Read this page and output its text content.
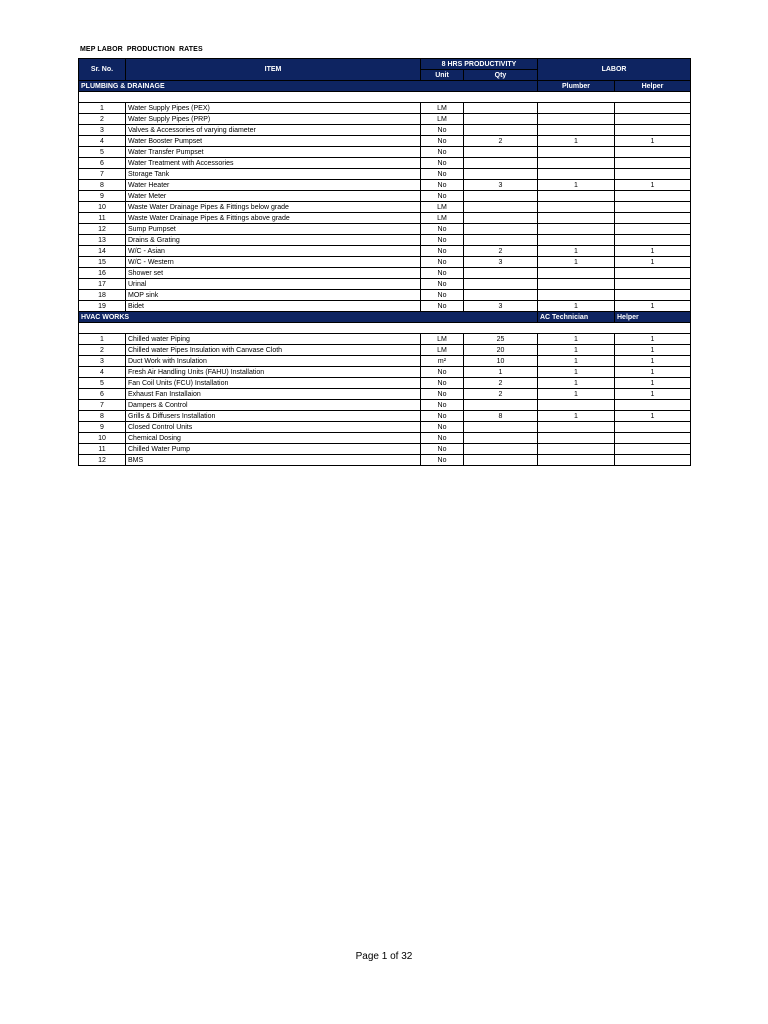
MEP LABOR  PRODUCTION  RATES
Sr. No.	ITEM	8 HRS PRODUCTIVITY		LABOR	
		Unit	Qty		
PLUMBING & DRAINAGE				Plumber	Helper

1	Water Supply Pipes (PEX)	LM			
2	Water Supply Pipes (PRP)	LM			
3	Valves & Accessories of varying diameter	No			
4	Water Booster Pumpset	No	2	1	1
5	Water Transfer Pumpset	No			
6	Water Treatment with Accessories	No			
7	Storage Tank	No			
8	Water Heater	No	3	1	1
9	Water Meter	No			
10	Waste Water Drainage Pipes & Fittings below grade	LM			
11	Waste Water Drainage Pipes & Fittings above grade	LM			
12	Sump Pumpset	No			
13	Drains & Grating	No			
14	W/C - Asian	No	2	1	1
15	W/C - Western	No	3	1	1
16	Shower set	No			
17	Urinal	No			
18	MOP sink	No			
19	Bidet	No	3	1	1
HVAC WORKS				AC Technician	Helper

1	Chilled water Piping	LM	25	1	1
2	Chilled water Pipes Insulation with Canvase Cloth	LM	20	1	1
3	Duct Work with Insulation	m²	10	1	1
4	Fresh Air Handling Units (FAHU) Installation	No	1	1	1
5	Fan Coil Units (FCU) Installation	No	2	1	1
6	Exhaust Fan Installaion	No	2	1	1
7	Dampers & Control	No			
8	Grills & Diffusers Installation	No	8	1	1
9	Closed Control Units	No			
10	Chemical Dosing	No			
11	Chilled Water Pump	No			
12	BMS	No			
Page 1 of 32
